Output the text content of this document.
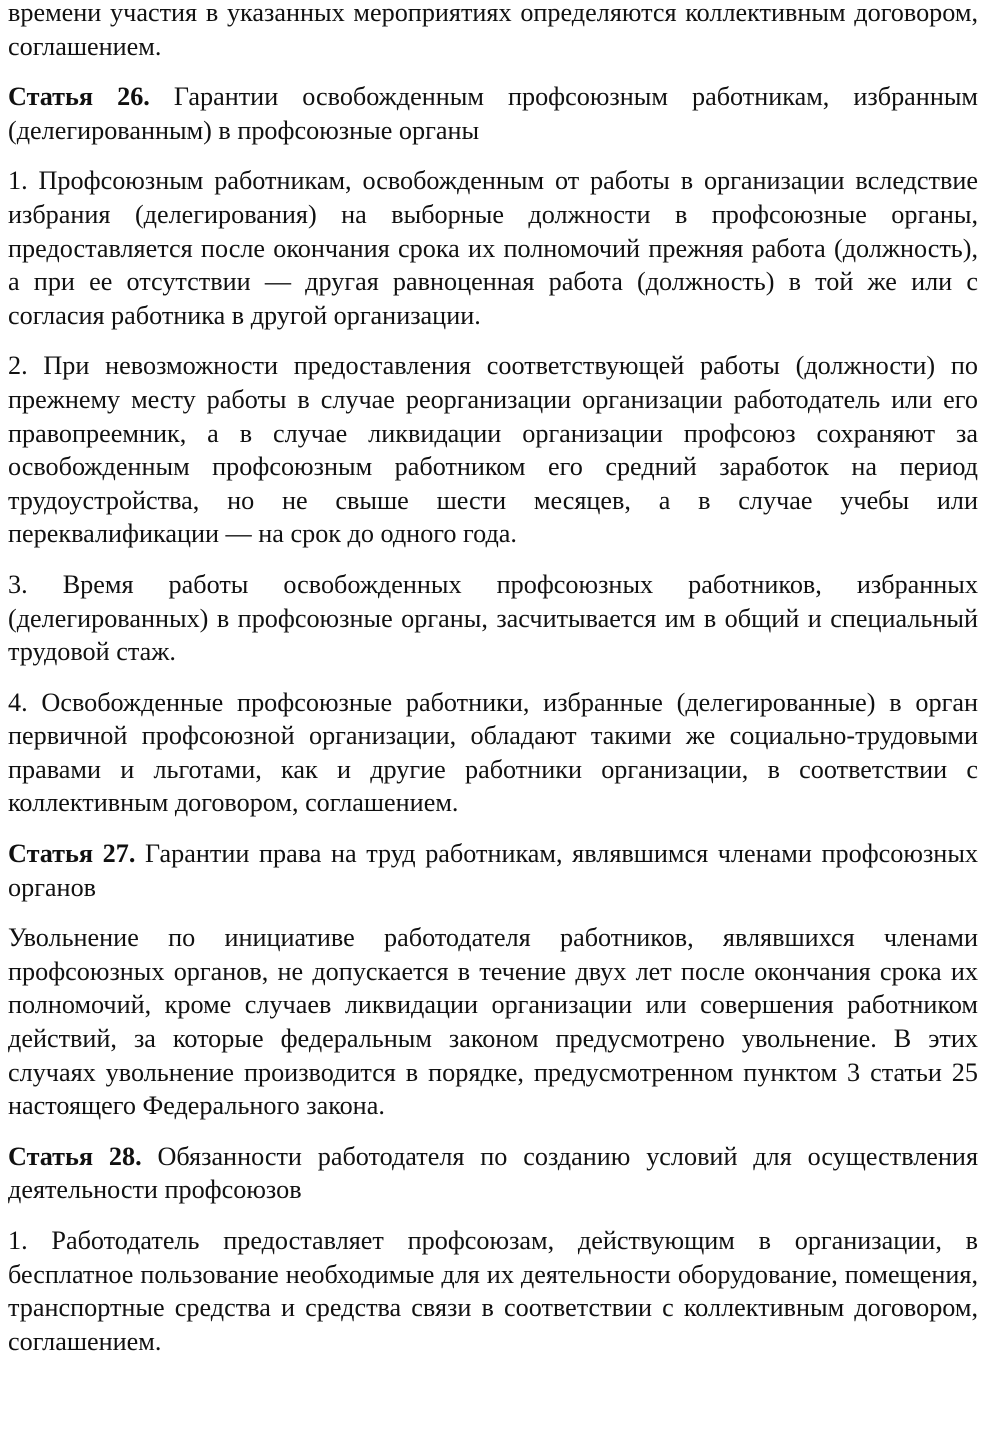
времени участия в указанных мероприятиях определяются коллективным договором, соглашением.

Статья 26. Гарантии освобожденным профсоюзным работникам, избранным (делегированным) в профсоюзные органы

1. Профсоюзным работникам, освобожденным от работы в организации вследствие избрания (делегирования) на выборные должности в профсоюзные органы, предоставляется после окончания срока их полномочий прежняя работа (должность), а при ее отсутствии — другая равноценная работа (должность) в той же или с согласия работника в другой организации.

2. При невозможности предоставления соответствующей работы (должности) по прежнему месту работы в случае реорганизации организации работодатель или его правопреемник, а в случае ликвидации организации профсоюз сохраняют за освобожденным профсоюзным работником его средний заработок на период трудоустройства, но не свыше шести месяцев, а в случае учебы или переквалификации — на срок до одного года.

3. Время работы освобожденных профсоюзных работников, избранных (делегированных) в профсоюзные органы, засчитывается им в общий и специальный трудовой стаж.

4. Освобожденные профсоюзные работники, избранные (делегированные) в орган первичной профсоюзной организации, обладают такими же социально-трудовыми правами и льготами, как и другие работники организации, в соответствии с коллективным договором, соглашением.

Статья 27. Гарантии права на труд работникам, являвшимся членами профсоюзных органов

Увольнение по инициативе работодателя работников, являвшихся членами профсоюзных органов, не допускается в течение двух лет после окончания срока их полномочий, кроме случаев ликвидации организации или совершения работником действий, за которые федеральным законом предусмотрено увольнение. В этих случаях увольнение производится в порядке, предусмотренном пунктом 3 статьи 25 настоящего Федерального закона.

Статья 28. Обязанности работодателя по созданию условий для осуществления деятельности профсоюзов

1. Работодатель предоставляет профсоюзам, действующим в организации, в бесплатное пользование необходимые для их деятельности оборудование, помещения, транспортные средства и средства связи в соответствии с коллективным договором, соглашением.
